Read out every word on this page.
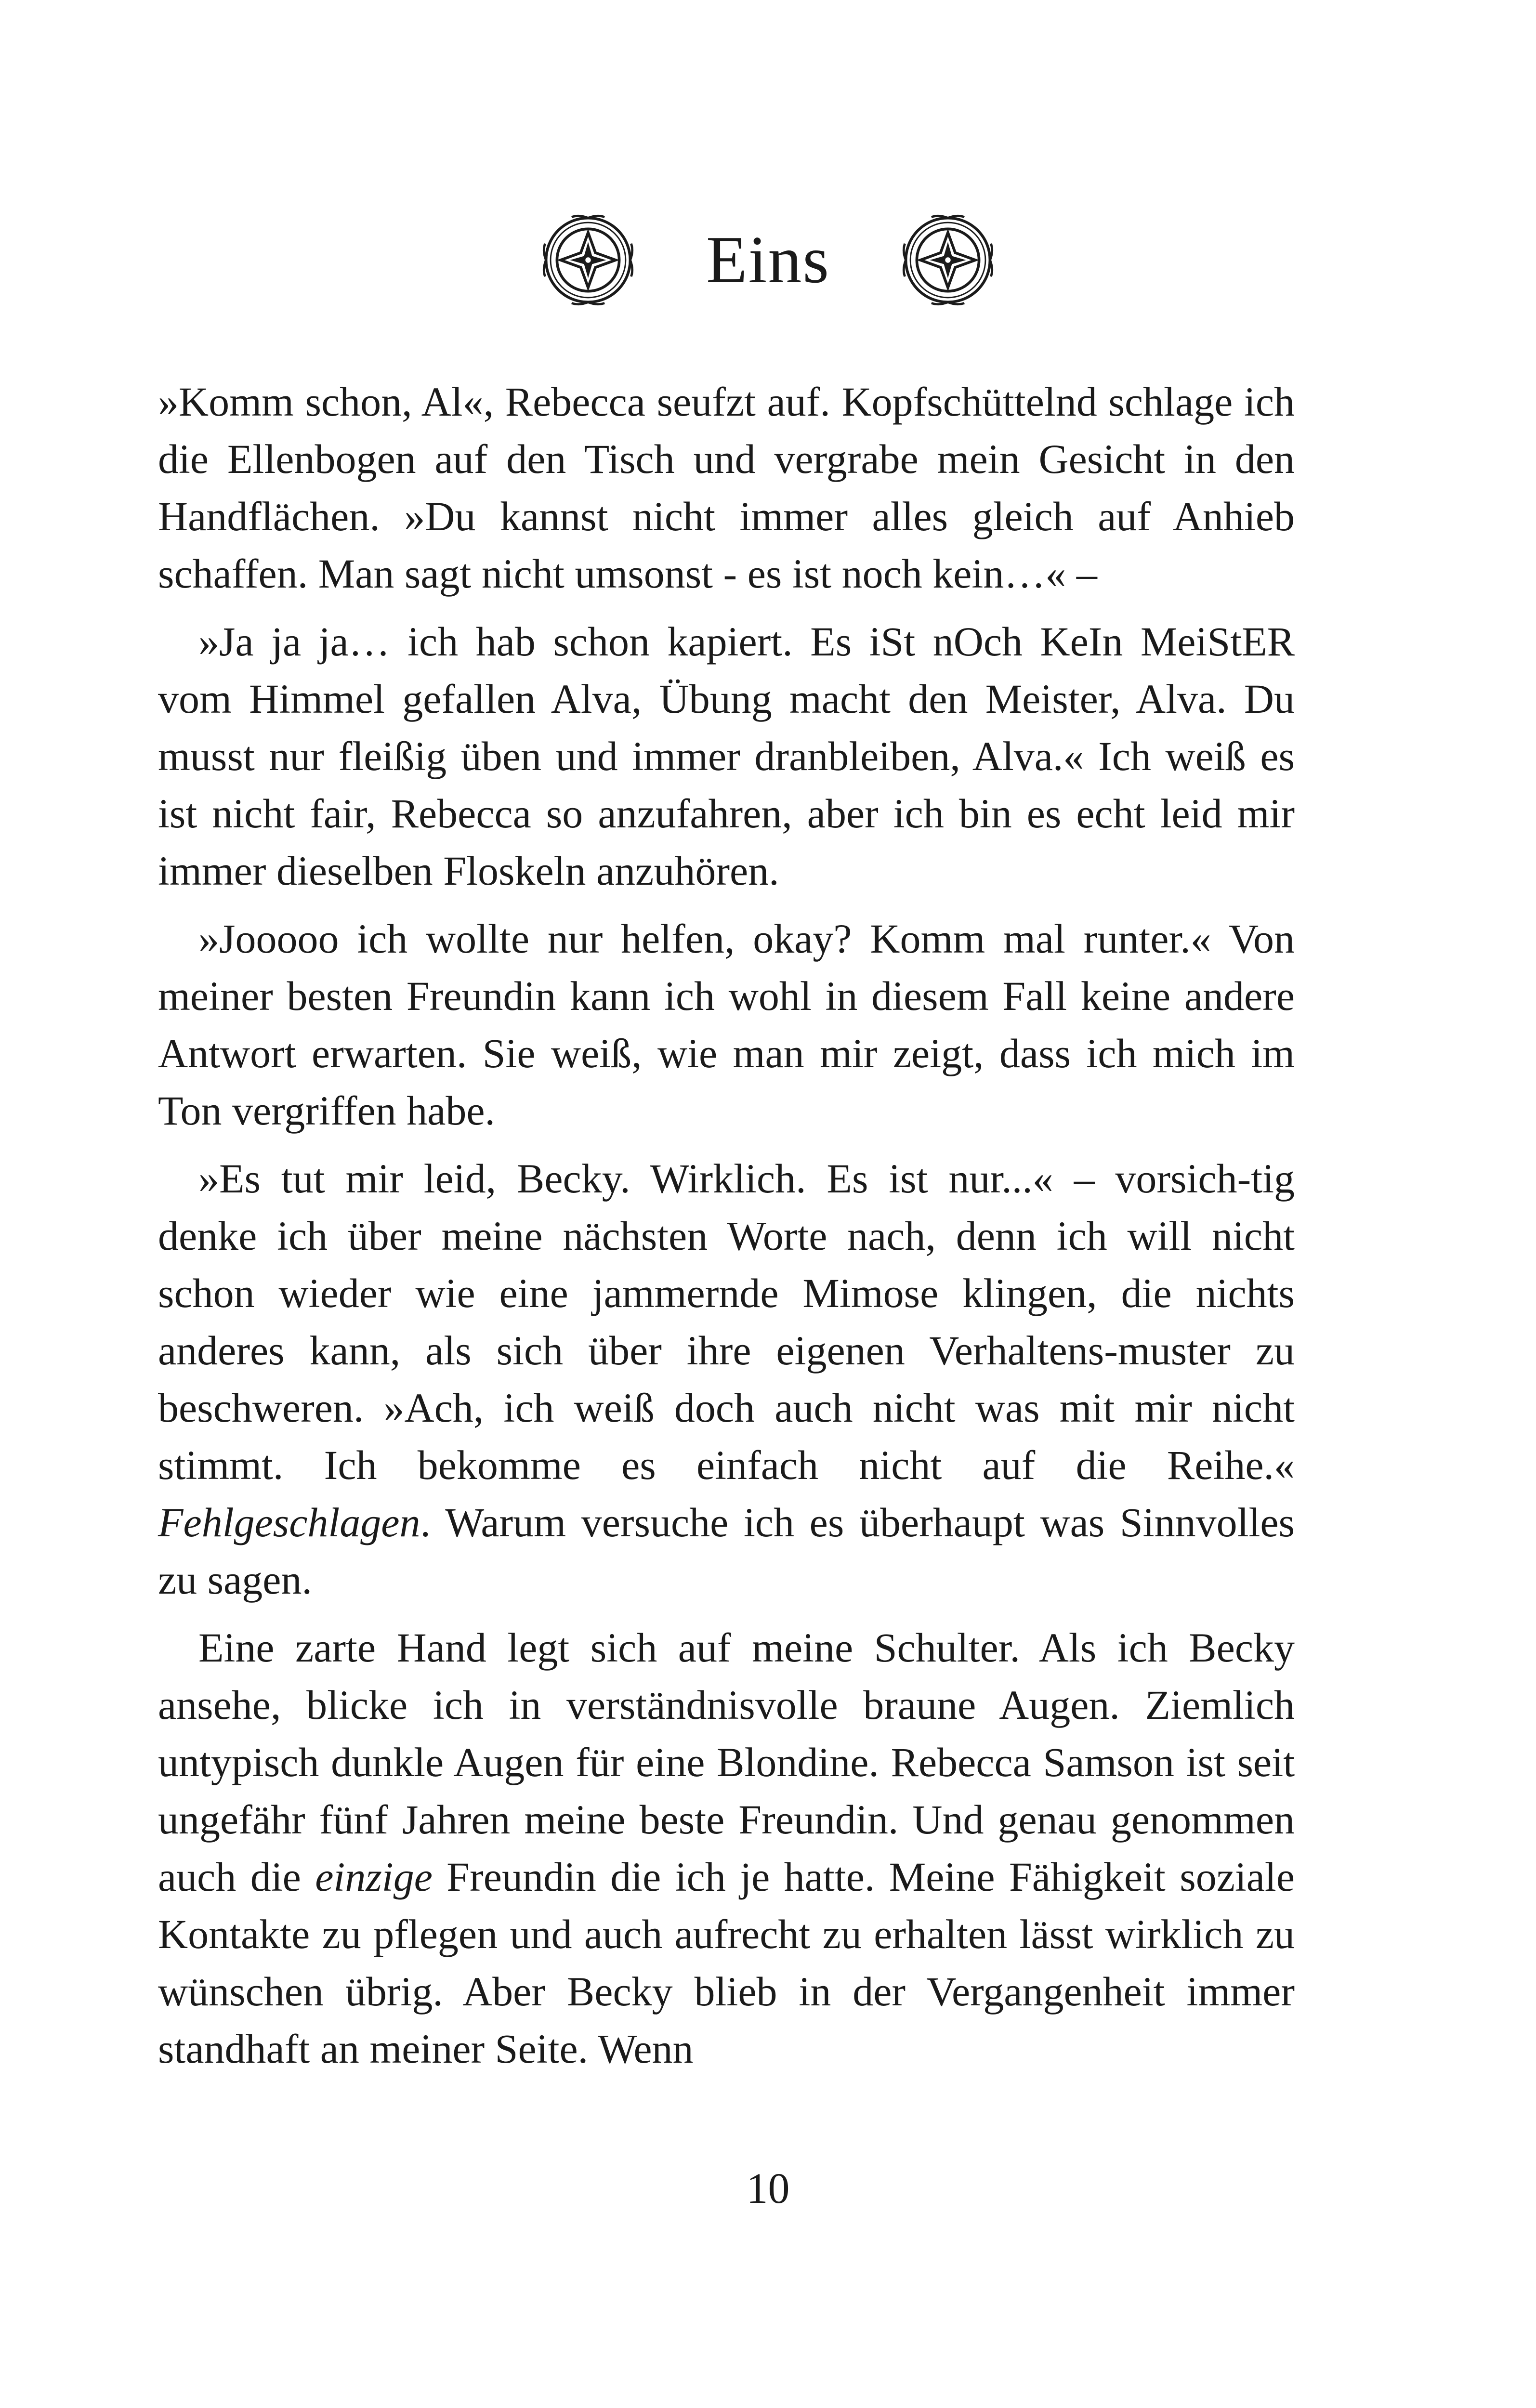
Eins

»Komm schon, Al«, Rebecca seufzt auf. Kopfschüttelnd schlage ich die Ellenbogen auf den Tisch und vergrabe mein Gesicht in den Handflächen. »Du kannst nicht immer alles gleich auf Anhieb schaffen. Man sagt nicht umsonst - es ist noch kein…« –

»Ja ja ja… ich hab schon kapiert. Es iSt nOch KeIn MeiStER vom Himmel gefallen Alva, Übung macht den Meister, Alva. Du musst nur fleißig üben und immer dranbleiben, Alva.« Ich weiß es ist nicht fair, Rebecca so anzufahren, aber ich bin es echt leid mir immer dieselben Floskeln anzuhören.

»Jooooo ich wollte nur helfen, okay? Komm mal runter.« Von meiner besten Freundin kann ich wohl in diesem Fall keine andere Antwort erwarten. Sie weiß, wie man mir zeigt, dass ich mich im Ton vergriffen habe.

»Es tut mir leid, Becky. Wirklich. Es ist nur...« – vorsich-tig denke ich über meine nächsten Worte nach, denn ich will nicht schon wieder wie eine jammernde Mimose klingen, die nichts anderes kann, als sich über ihre eigenen Verhaltens-muster zu beschweren. »Ach, ich weiß doch auch nicht was mit mir nicht stimmt. Ich bekomme es einfach nicht auf die Reihe.« Fehlgeschlagen. Warum versuche ich es überhaupt was Sinnvolles zu sagen.

Eine zarte Hand legt sich auf meine Schulter. Als ich Becky ansehe, blicke ich in verständnisvolle braune Augen. Ziemlich untypisch dunkle Augen für eine Blondine. Rebecca Samson ist seit ungefähr fünf Jahren meine beste Freundin. Und genau genommen auch die einzige Freundin die ich je hatte. Meine Fähigkeit soziale Kontakte zu pflegen und auch aufrecht zu erhalten lässt wirklich zu wünschen übrig. Aber Becky blieb in der Vergangenheit immer standhaft an meiner Seite. Wenn

10
